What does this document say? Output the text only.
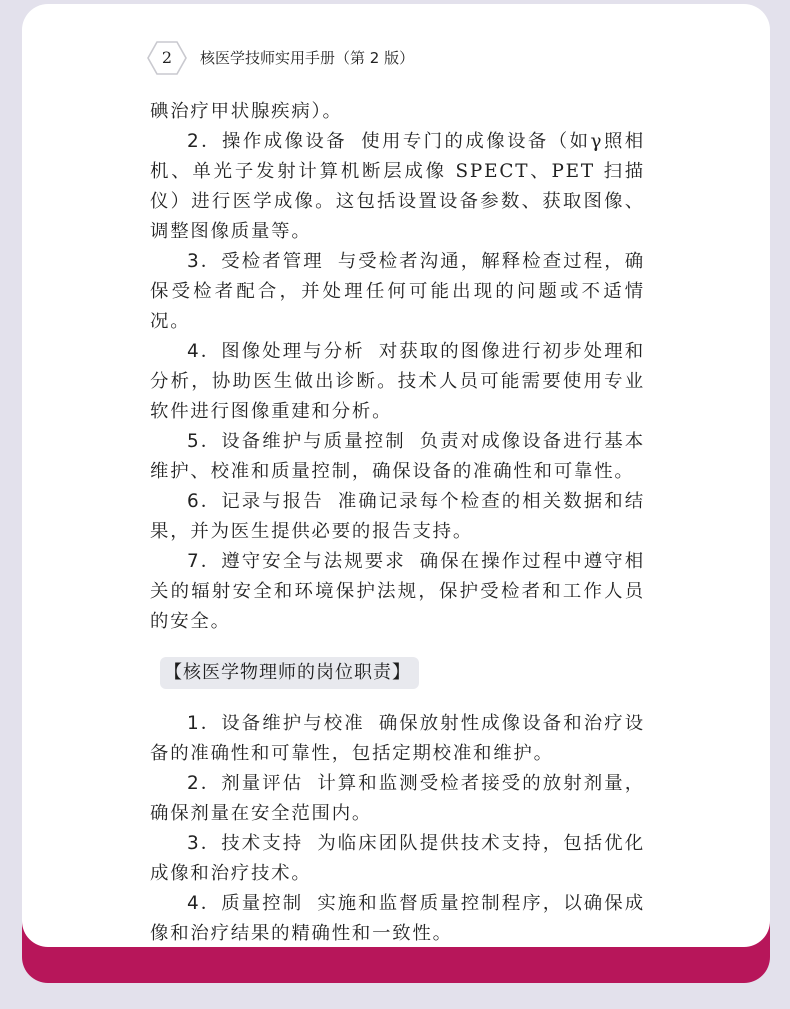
2	核医学技师实用手册（第 2 版）

碘治疗甲状腺疾病）。

2．操作成像设备 使用专门的成像设备（如γ照相机、单光子发射计算机断层成像 SPECT、PET 扫描仪）进行医学成像。这包括设置设备参数、获取图像、调整图像质量等。

3．受检者管理 与受检者沟通，解释检查过程，确保受检者配合，并处理任何可能出现的问题或不适情况。

4．图像处理与分析 对获取的图像进行初步处理和分析，协助医生做出诊断。技术人员可能需要使用专业软件进行图像重建和分析。

5．设备维护与质量控制 负责对成像设备进行基本维护、校准和质量控制，确保设备的准确性和可靠性。

6．记录与报告 准确记录每个检查的相关数据和结果，并为医生提供必要的报告支持。

7．遵守安全与法规要求 确保在操作过程中遵守相关的辐射安全和环境保护法规，保护受检者和工作人员的安全。

【核医学物理师的岗位职责】

1．设备维护与校准 确保放射性成像设备和治疗设备的准确性和可靠性，包括定期校准和维护。

2．剂量评估 计算和监测受检者接受的放射剂量，确保剂量在安全范围内。

3．技术支持 为临床团队提供技术支持，包括优化成像和治疗技术。

4．质量控制 实施和监督质量控制程序，以确保成像和治疗结果的精确性和一致性。
